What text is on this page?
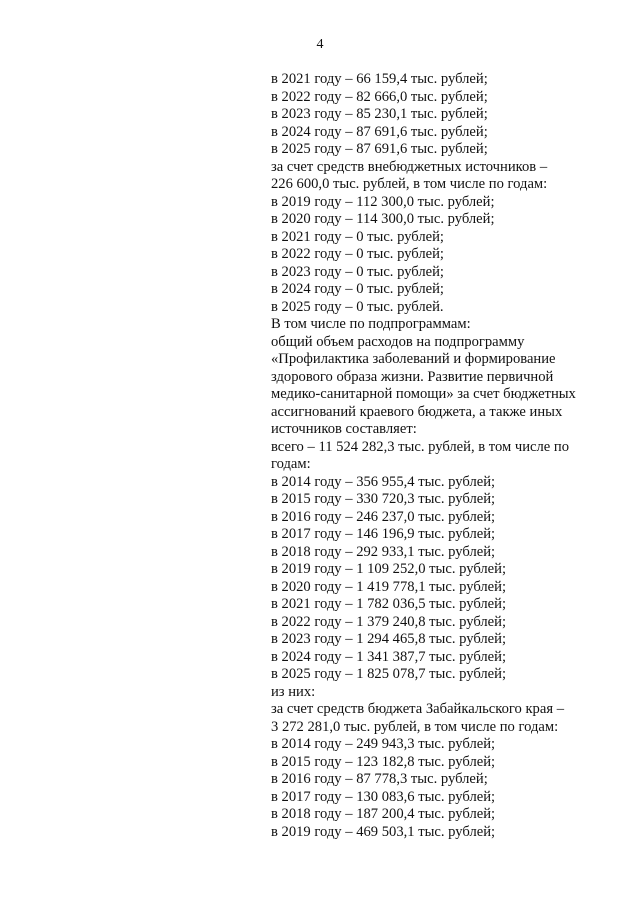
4
в 2021 году – 66 159,4 тыс. рублей;
в 2022 году – 82 666,0 тыс. рублей;
в 2023 году – 85 230,1 тыс. рублей;
в 2024 году – 87 691,6 тыс. рублей;
в 2025 году – 87 691,6 тыс. рублей;
за счет средств внебюджетных источников –
226 600,0 тыс. рублей, в том числе по годам:
в 2019 году – 112 300,0 тыс. рублей;
в 2020 году – 114 300,0 тыс. рублей;
в 2021 году – 0 тыс. рублей;
в 2022 году – 0 тыс. рублей;
в 2023 году – 0 тыс. рублей;
в 2024 году – 0 тыс. рублей;
в 2025 году – 0 тыс. рублей.
В том числе по подпрограммам:
общий объем расходов на подпрограмму
«Профилактика заболеваний и формирование
здорового образа жизни. Развитие первичной
медико-санитарной помощи» за счет бюджетных
ассигнований краевого бюджета, а также иных
источников составляет:
всего – 11 524 282,3 тыс. рублей, в том числе по
годам:
в 2014 году – 356 955,4 тыс. рублей;
в 2015 году – 330 720,3 тыс. рублей;
в 2016 году – 246 237,0 тыс. рублей;
в 2017 году – 146 196,9 тыс. рублей;
в 2018 году – 292 933,1 тыс. рублей;
в 2019 году – 1 109 252,0 тыс. рублей;
в 2020 году – 1 419 778,1 тыс. рублей;
в 2021 году – 1 782 036,5 тыс. рублей;
в 2022 году – 1 379 240,8 тыс. рублей;
в 2023 году – 1 294 465,8 тыс. рублей;
в 2024 году – 1 341 387,7 тыс. рублей;
в 2025 году – 1 825 078,7 тыс. рублей;
из них:
за счет средств бюджета Забайкальского края –
3 272 281,0 тыс. рублей, в том числе по годам:
в 2014 году – 249 943,3 тыс. рублей;
в 2015 году – 123 182,8 тыс. рублей;
в 2016 году – 87 778,3 тыс. рублей;
в 2017 году – 130 083,6 тыс. рублей;
в 2018 году – 187 200,4 тыс. рублей;
в 2019 году – 469 503,1 тыс. рублей;
